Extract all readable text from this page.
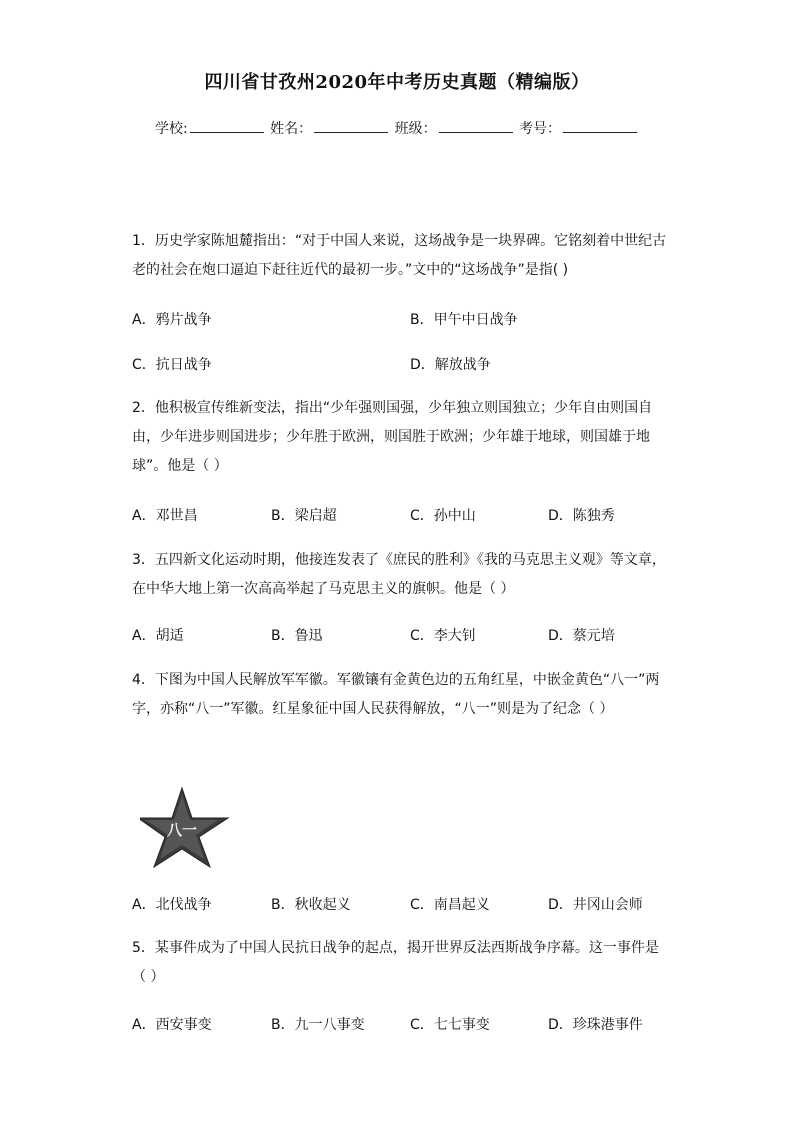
四川省甘孜州2020年中考历史真题（精编版）
学校:	姓名：	班级：	考号：
1．历史学家陈旭麓指出：“对于中国人来说，这场战争是一块界碑。它铭刻着中世纪古老的社会在炮口逼迫下赶往近代的最初一步。”文中的“这场战争”是指( )
A．鸦片战争	B．甲午中日战争
C．抗日战争	D．解放战争
2．他积极宣传维新变法，指出“少年强则国强，少年独立则国独立；少年自由则国自由，少年进步则国进步；少年胜于欧洲，则国胜于欧洲；少年雄于地球，则国雄于地球”。他是（ ）
A．邓世昌	B．梁启超	C．孙中山	D．陈独秀
3．五四新文化运动时期，他接连发表了《庶民的胜利》《我的马克思主义观》等文章，在中华大地上第一次高高举起了马克思主义的旗帜。他是（ ）
A．胡适	B．鲁迅	C．李大钊	D．蔡元培
4．下图为中国人民解放军军徽。军徽镶有金黄色边的五角红星，中嵌金黄色“八一”两字，亦称“八一”军徽。红星象征中国人民获得解放，“八一”则是为了纪念（ ）
八一
A．北伐战争	B．秋收起义	C．南昌起义	D．井冈山会师
5．某事件成为了中国人民抗日战争的起点，揭开世界反法西斯战争序幕。这一事件是（ ）
A．西安事变	B．九一八事变	C．七七事变	D．珍珠港事件
